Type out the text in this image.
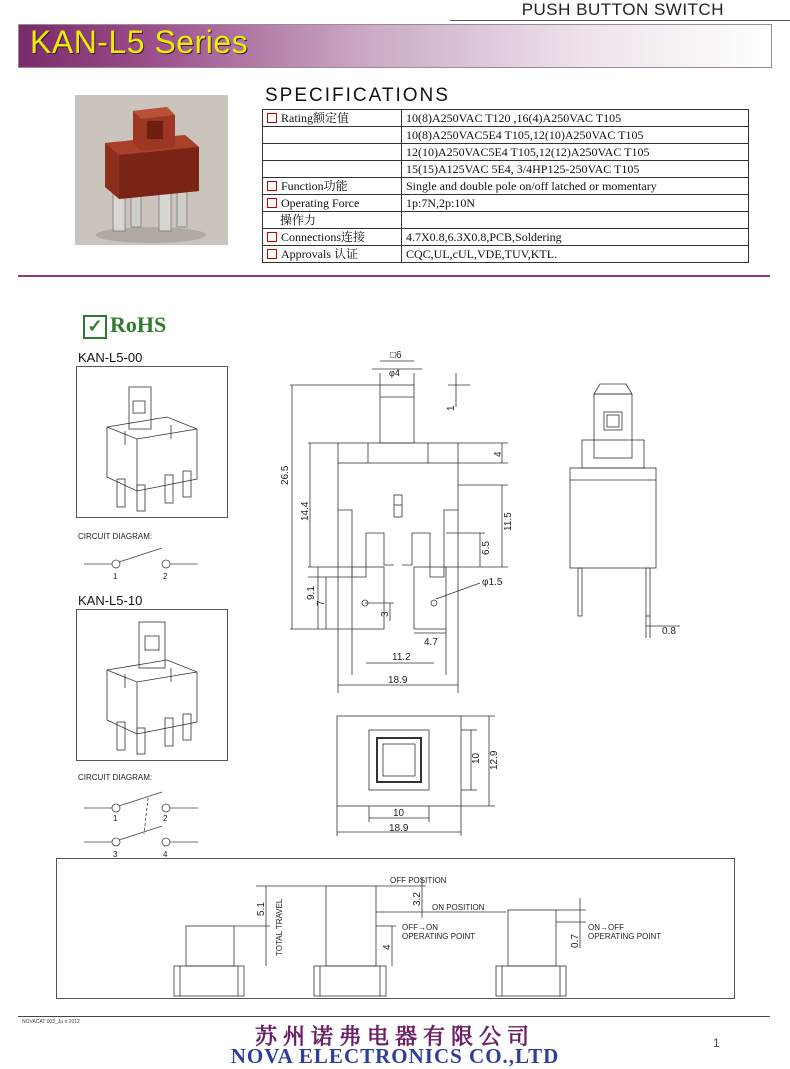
PUSH BUTTON SWITCH
KAN-L5 Series
SPECIFICATIONS
Rating额定值	10(8)A250VAC T120 ,16(4)A250VAC T105
	10(8)A250VAC5E4 T105,12(10)A250VAC T105
	12(10)A250VAC5E4 T105,12(12)A250VAC T105
	15(15)A125VAC 5E4, 3/4HP125-250VAC T105
Function功能	Single and double pole on/off latched or momentary
Operating Force	1p:7N,2p:10N
操作力	
Connections连接	4.7X0.8,6.3X0.8,PCB,Soldering
Approvals 认证	CQC,UL,cUL,VDE,TUV,KTL.
✓ RoHS
KAN-L5-00
CIRCUIT DIAGRAM:
1	2
KAN-L5-10
CIRCUIT DIAGRAM:
1	2
3	4
□6
φ4
1
4
26.5
14.4
11.5
6.5
φ1.5
9.1
7
3
4.7
11.2
18.9
0.8
10 12.9
10
18.9
OFF POSITION
ON POSITION
OFF→ON
OPERATING POINT
ON→OFF
OPERATING POINT
TOTAL TRAVEL
5.1
3.2
4	0.7
NOVACAT 003_Ju n.2012
苏州诺弗电器有限公司
NOVA ELECTRONICS CO.,LTD
1
